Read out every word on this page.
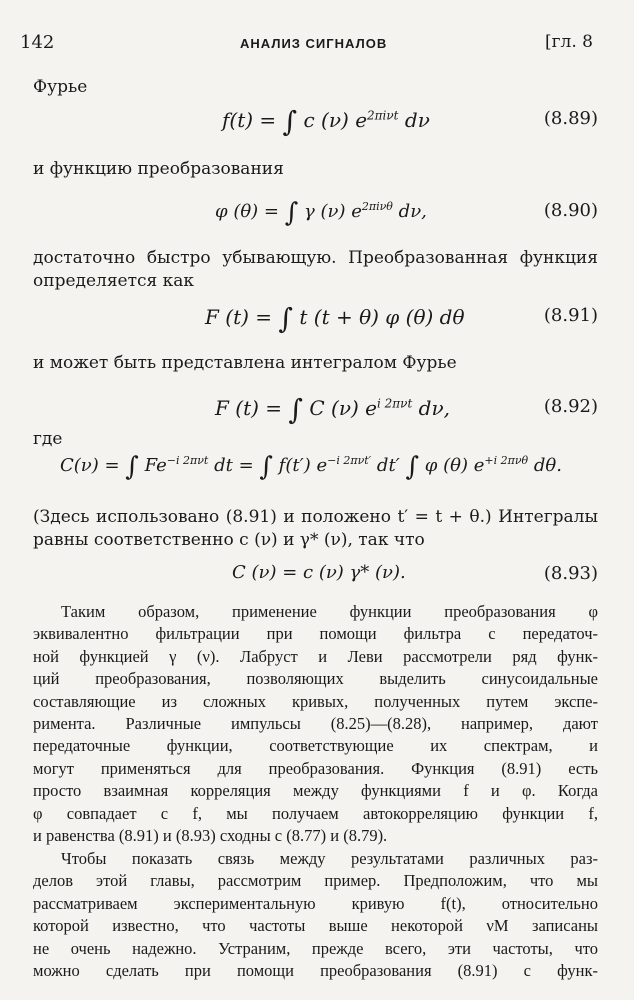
142	АНАЛИЗ СИГНАЛОВ	[гл. 8
Фурье
f(t) = ∫ c (ν) $e^{2\pi i\nu t}$ dν	(8.89)
и функцию преобразования
φ (θ) = ∫ γ (ν) $e^{2\pi i\nu\theta}$ dν,	(8.90)
достаточно быстро убывающую. Преобразованная функция
определяется как
F (t) = ∫ t (t + θ) φ (θ) dθ	(8.91)
и может быть представлена интегралом Фурье
F (t) = ∫ C (ν) $e^{i 2\pi\nu t}$ dν,	(8.92)
где
C(ν) = ∫ $Fe^{-i 2\pi\nu t}$ dt = ∫ f(t′) $e^{-i 2\pi\nu t'}$ dt′ ∫ φ (θ) $e^{+i 2\pi\nu\theta}$ dθ.
(Здесь использовано (8.91) и положено t′ = t + θ.) Интегралы
равны соответственно c (ν) и γ* (ν), так что
C (ν) = c (ν) γ* (ν).	(8.93)
Таким образом, применение функции преобразования φ
эквивалентно фильтрации при помощи фильтра с передаточ-
ной функцией γ (ν). Лабруст и Леви рассмотрели ряд функ-
ций преобразования, позволяющих выделить синусоидальные
составляющие из сложных кривых, полученных путем экспе-
римента. Различные импульсы (8.25)—(8.28), например, дают
передаточные функции, соответствующие их спектрам, и
могут применяться для преобразования. Функция (8.91) есть
просто взаимная корреляция между функциями f и φ. Когда
φ совпадает с f, мы получаем автокорреляцию функции f,
и равенства (8.91) и (8.93) сходны с (8.77) и (8.79).
Чтобы показать связь между результатами различных раз-
делов этой главы, рассмотрим пример. Предположим, что мы
рассматриваем экспериментальную кривую f(t), относительно
которой известно, что частоты выше некоторой νM записаны
не очень надежно. Устраним, прежде всего, эти частоты, что
можно сделать при помощи преобразования (8.91) с функ-
